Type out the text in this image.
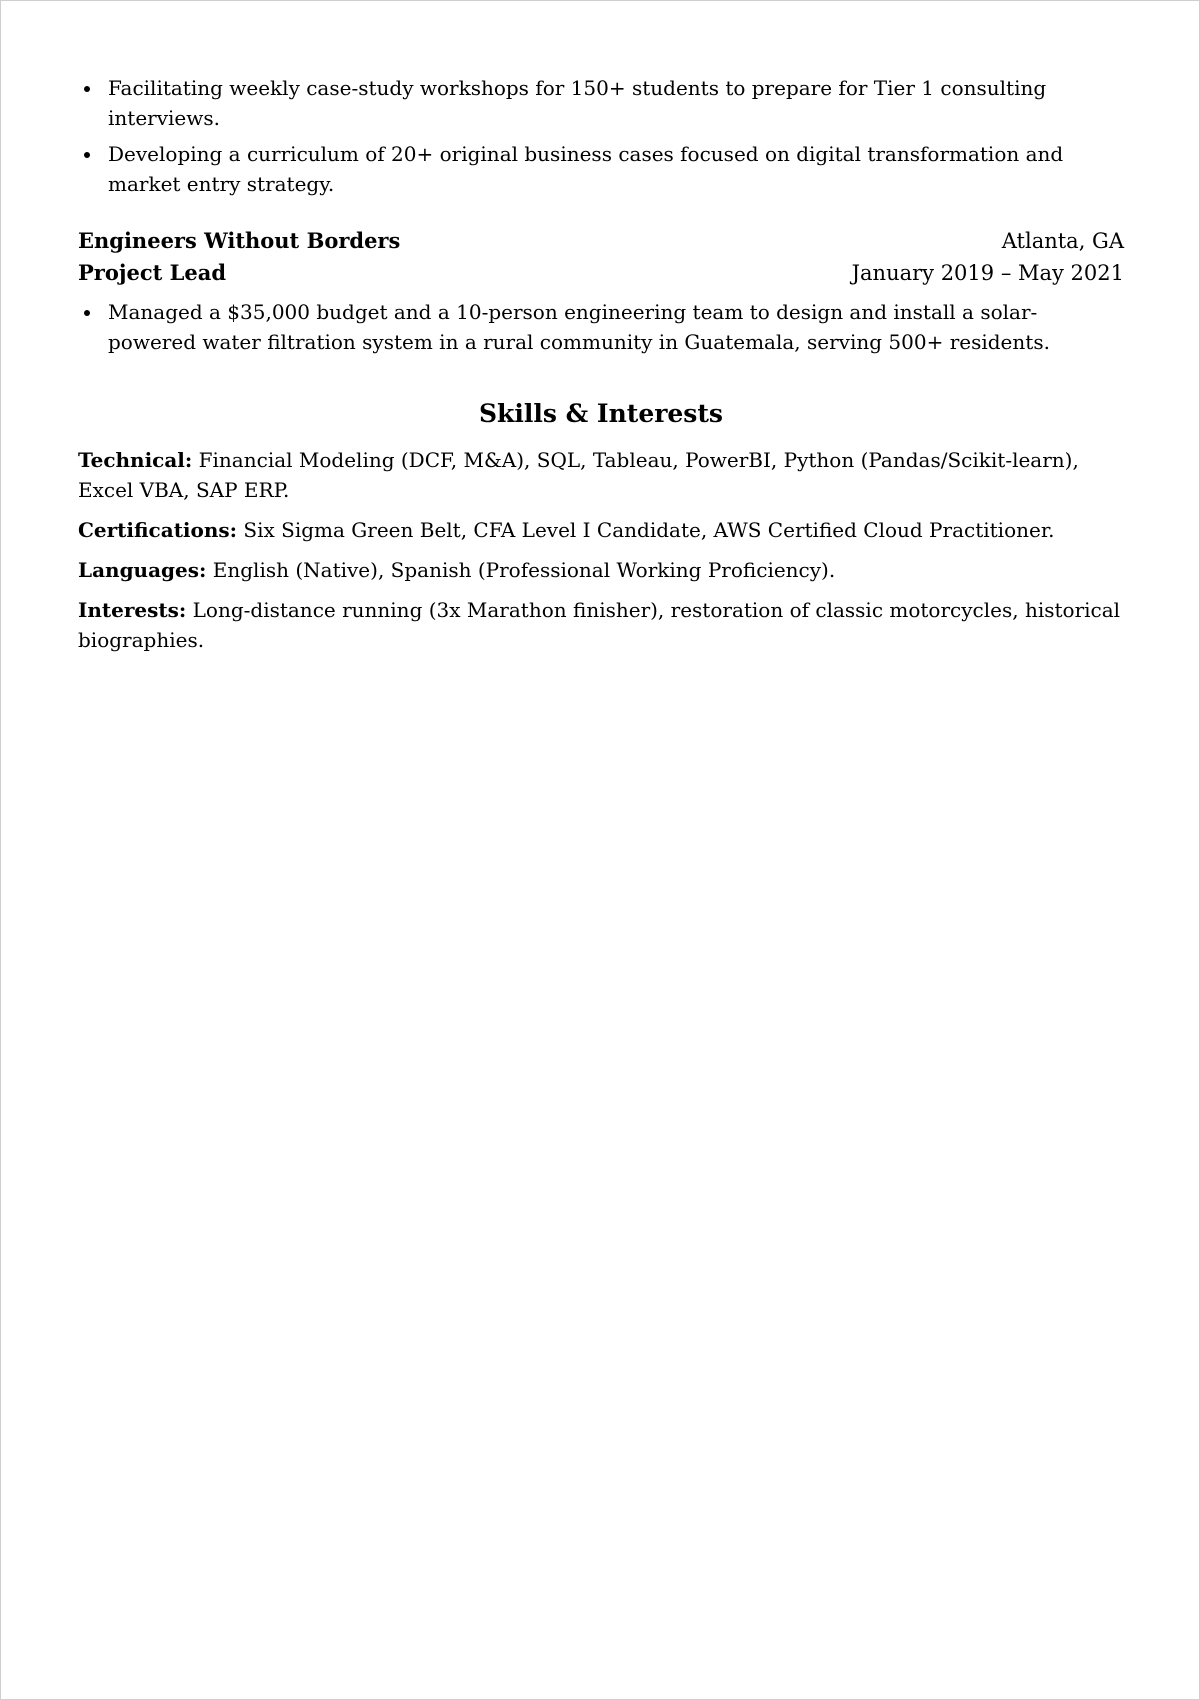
Facilitating weekly case-study workshops for 150+ students to prepare for Tier 1 consulting interviews.
Developing a curriculum of 20+ original business cases focused on digital transformation and market entry strategy.
Engineers Without Borders	Atlanta, GA
Project Lead	January 2019 – May 2021
Managed a $35,000 budget and a 10-person engineering team to design and install a solar-powered water filtration system in a rural community in Guatemala, serving 500+ residents.
Skills & Interests
Technical: Financial Modeling (DCF, M&A), SQL, Tableau, PowerBI, Python (Pandas/Scikit-learn), Excel VBA, SAP ERP.
Certifications: Six Sigma Green Belt, CFA Level I Candidate, AWS Certified Cloud Practitioner.
Languages: English (Native), Spanish (Professional Working Proficiency).
Interests: Long-distance running (3x Marathon finisher), restoration of classic motorcycles, historical biographies.
